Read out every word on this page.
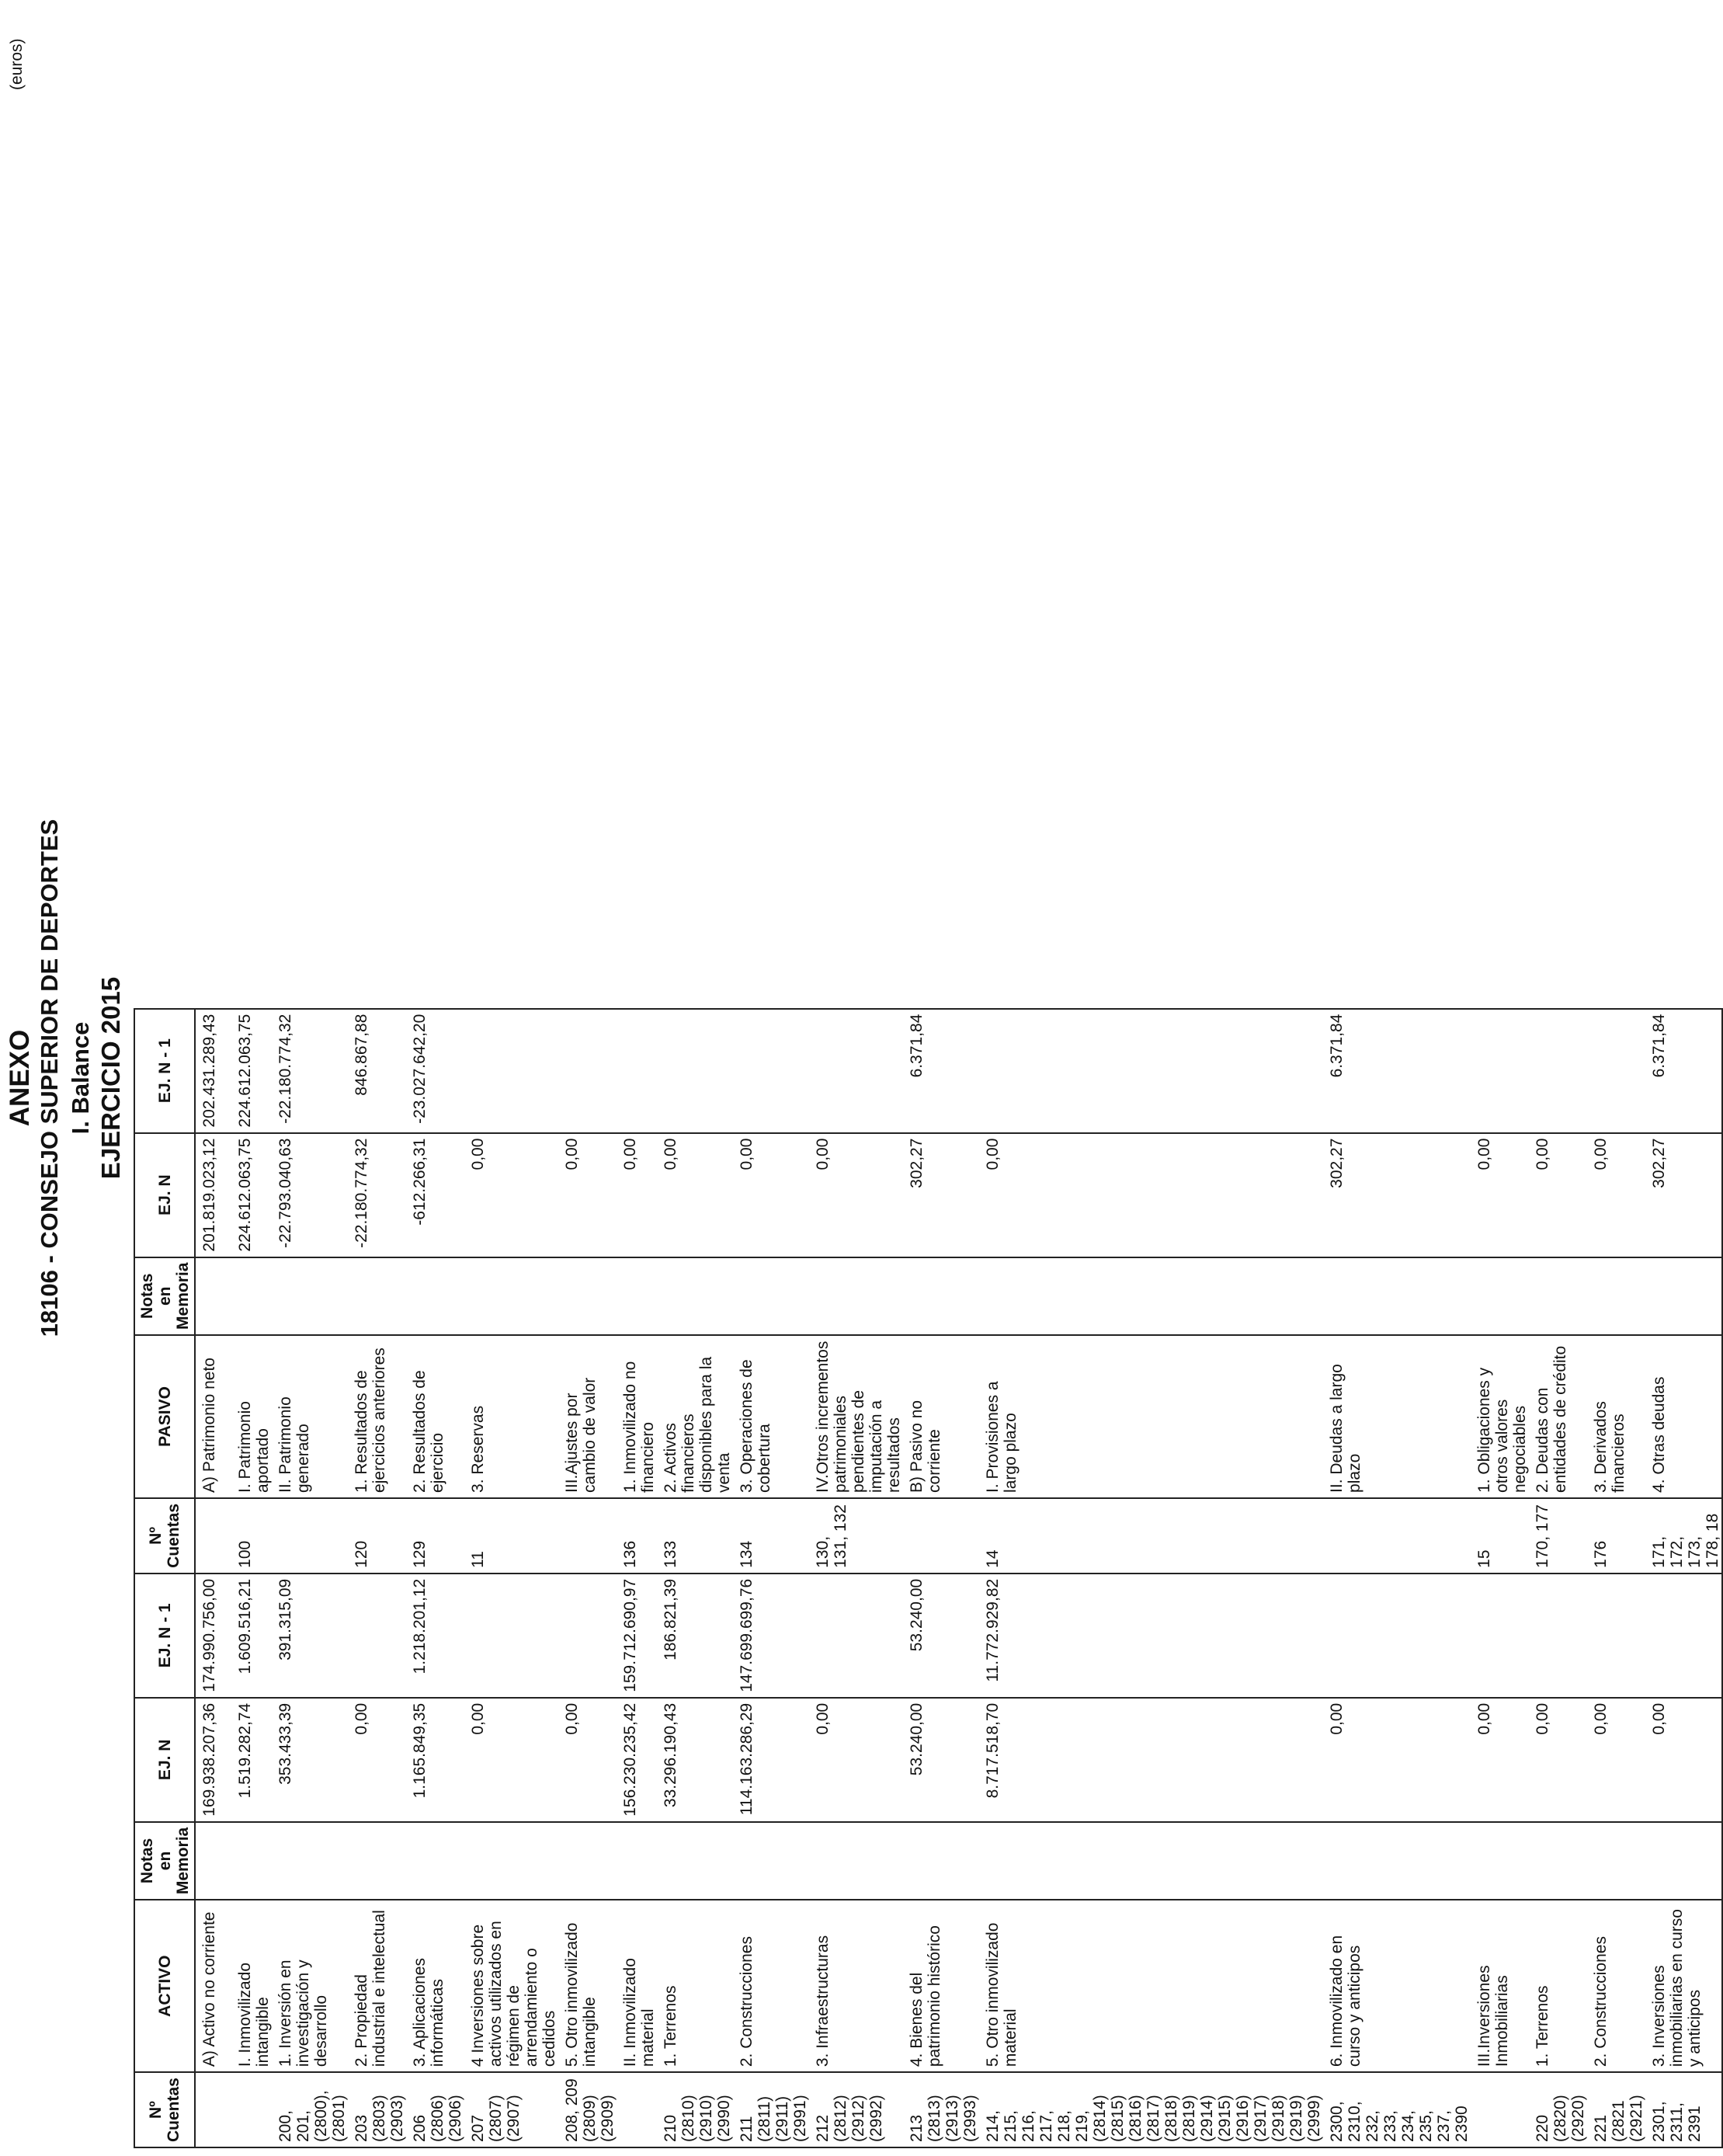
ANEXO 18106 - CONSEJO SUPERIOR DE DEPORTES I. Balance EJERCICIO 2015
(euros)
Nº Cuentas	ACTIVO	Notas en Memoria	EJ. N	EJ. N - 1	Nº Cuentas	PASIVO	Notas en Memoria	EJ. N	EJ. N - 1
	A) Activo no corriente		169.938.207,36	174.990.756,00		A) Patrimonio neto		201.819.023,12	202.431.289,43
	I. Inmovilizado intangible		1.519.282,74	1.609.516,21	100	I. Patrimonio aportado		224.612.063,75	224.612.063,75
200, 201, (2800), (2801)	1. Inversión en investigación y desarrollo		353.433,39	391.315,09		II. Patrimonio generado		-22.793.040,63	-22.180.774,32
203 (2803) (2903)	2. Propiedad industrial e intelectual		0,00		120	1. Resultados de ejercicios anteriores		-22.180.774,32	846.867,88
206 (2806) (2906)	3. Aplicaciones informáticas		1.165.849,35	1.218.201,12	129	2. Resultados de ejercicio		-612.266,31	-23.027.642,20
207 (2807) (2907)	4 Inversiones sobre activos utilizados en régimen de arrendamiento o cedidos		0,00		11	3. Reservas		0,00	
208, 209 (2809) (2909)	5. Otro inmovilizado intangible		0,00			III.Ajustes por cambio de valor		0,00	
	II. Inmovilizado material		156.230.235,42	159.712.690,97	136	1. Inmovilizado no financiero		0,00	
210 (2810) (2910) (2990)	1. Terrenos		33.296.190,43	186.821,39	133	2. Activos financieros disponibles para la venta		0,00	
211 (2811) (2911) (2991)	2. Construcciones		114.163.286,29	147.699.699,76	134	3. Operaciones de cobertura		0,00	
212 (2812) (2912) (2992)	3. Infraestructuras		0,00		130, 131, 132	IV.Otros incrementos patrimoniales pendientes de imputación a resultados		0,00	
213 (2813) (2913) (2993)	4. Bienes del patrimonio histórico		53.240,00	53.240,00		B) Pasivo no corriente		302,27	6.371,84
214, 215, 216, 217, 218, 219, (2814) (2815) (2816) (2817) (2818) (2819) (2914) (2915) (2916) (2917) (2918) (2919) (2999)	5. Otro inmovilizado material		8.717.518,70	11.772.929,82	14	I. Provisiones a largo plazo		0,00	
2300, 2310, 232, 233, 234, 235, 237, 2390	6. Inmovilizado en curso y anticipos		0,00			II. Deudas a largo plazo		302,27	6.371,84
	III.Inversiones Inmobiliarias		0,00		15	1. Obligaciones y otros valores negociables		0,00	
220 (2820) (2920)	1. Terrenos		0,00		170, 177	2. Deudas con entidades de crédito		0,00	
221 (2821 (2921)	2. Construcciones		0,00		176	3. Derivados financieros		0,00	
2301, 2311, 2391	3. Inversiones inmobiliarias en curso y anticipos		0,00		171, 172, 173, 178, 18	4. Otras deudas		302,27	6.371,84
